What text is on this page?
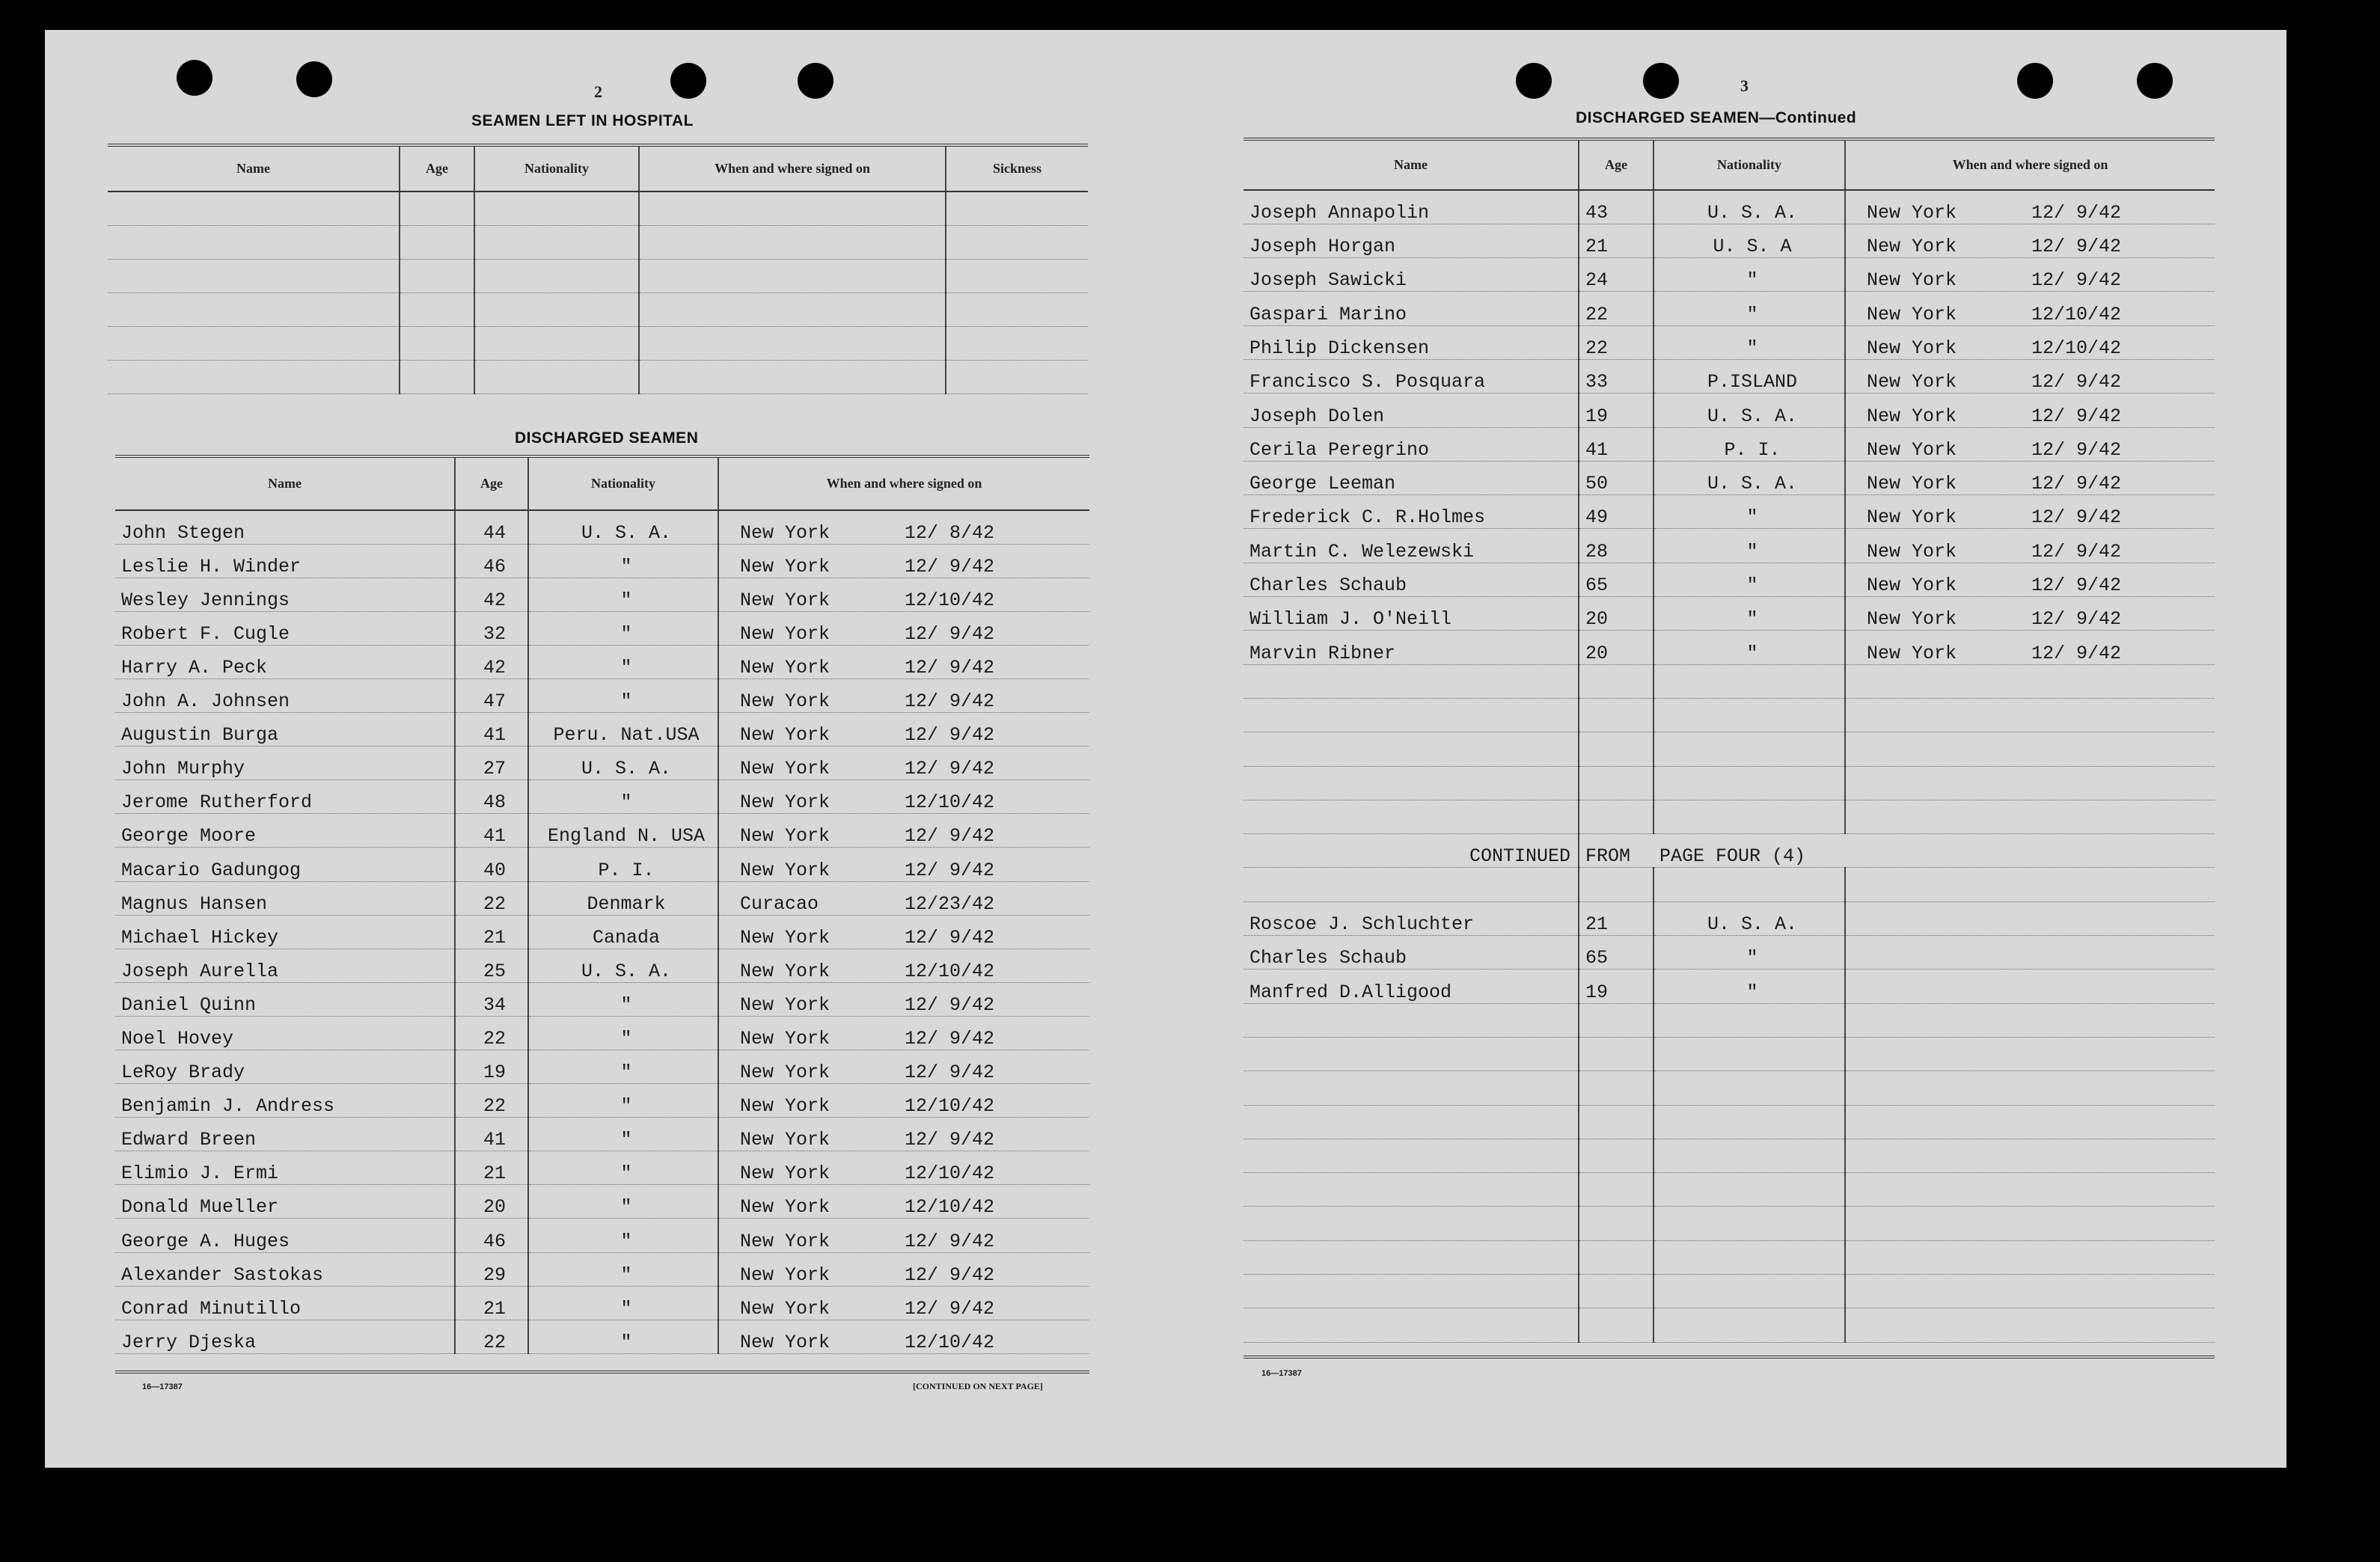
2
SEAMEN LEFT IN HOSPITAL
Name	Age	Nationality	When and where signed on	Sickness

DISCHARGED SEAMEN
Name	Age	Nationality	When and where signed on
John Stegen	44	U. S. A.	New York 12/ 8/42
Leslie H. Winder	46	"	New York 12/ 9/42
Wesley Jennings	42	"	New York 12/10/42
Robert F. Cugle	32	"	New York 12/ 9/42
Harry A. Peck	42	"	New York 12/ 9/42
John A. Johnsen	47	"	New York 12/ 9/42
Augustin Burga	41	Peru. Nat.USA	New York 12/ 9/42
John Murphy	27	U. S. A.	New York 12/ 9/42
Jerome Rutherford	48	"	New York 12/10/42
George Moore	41	England N. USA	New York 12/ 9/42
Macario Gadungog	40	P. I.	New York 12/ 9/42
Magnus Hansen	22	Denmark	Curacao 12/23/42
Michael Hickey	21	Canada	New York 12/ 9/42
Joseph Aurella	25	U. S. A.	New York 12/10/42
Daniel Quinn	34	"	New York 12/ 9/42
Noel Hovey	22	"	New York 12/ 9/42
LeRoy Brady	19	"	New York 12/ 9/42
Benjamin J. Andress	22	"	New York 12/10/42
Edward Breen	41	"	New York 12/ 9/42
Elimio J. Ermi	21	"	New York 12/10/42
Donald Mueller	20	"	New York 12/10/42
George A. Huges	46	"	New York 12/ 9/42
Alexander Sastokas	29	"	New York 12/ 9/42
Conrad Minutillo	21	"	New York 12/ 9/42
Jerry Djeska	22	"	New York 12/10/42
16—17387	[CONTINUED ON NEXT PAGE]
3
DISCHARGED SEAMEN—Continued
Name	Age	Nationality	When and where signed on
Joseph Annapolin	43	U. S. A.	New York 12/ 9/42
Joseph Horgan	21	U. S. A	New York 12/ 9/42
Joseph Sawicki	24	"	New York 12/ 9/42
Gaspari Marino	22	"	New York 12/10/42
Philip Dickensen	22	"	New York 12/10/42
Francisco S. Posquara	33	P.ISLAND	New York 12/ 9/42
Joseph Dolen	19	U. S. A.	New York 12/ 9/42
Cerila Peregrino	41	P. I.	New York 12/ 9/42
George Leeman	50	U. S. A.	New York 12/ 9/42
Frederick C. R.Holmes	49	"	New York 12/ 9/42
Martin C. Welezewski	28	"	New York 12/ 9/42
Charles Schaub	65	"	New York 12/ 9/42
William J. O'Neill	20	"	New York 12/ 9/42
Marvin Ribner	20	"	New York 12/ 9/42

CONTINUED	FROM	PAGE FOUR (4)	

Roscoe J. Schluchter	21	U. S. A.	
Charles Schaub	65	"	
Manfred D.Alligood	19	"	

16—17387
